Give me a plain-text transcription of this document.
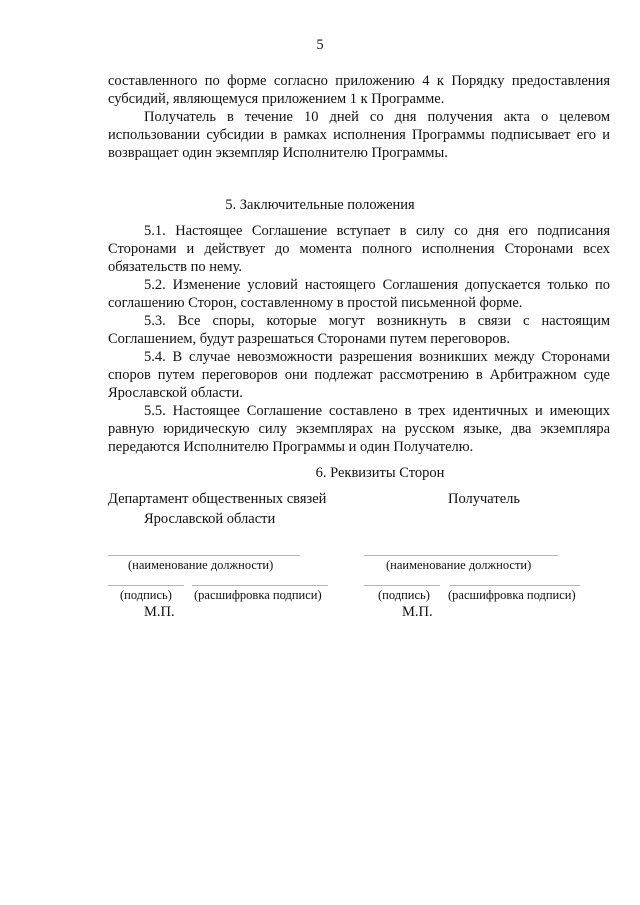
5

составленного по форме согласно приложению 4 к Порядку предоставления субсидий, являющемуся приложением 1 к Программе.

Получатель в течение 10 дней со дня получения акта о целевом использовании субсидии в рамках исполнения Программы подписывает его и возвращает один экземпляр Исполнителю Программы.

5. Заключительные положения

5.1. Настоящее Соглашение вступает в силу со дня его подписания Сторонами и действует до момента полного исполнения Сторонами всех обязательств по нему.

5.2. Изменение условий настоящего Соглашения допускается только по соглашению Сторон, составленному в простой письменной форме.

5.3. Все споры, которые могут возникнуть в связи с настоящим Соглашением, будут разрешаться Сторонами путем переговоров.

5.4. В случае невозможности разрешения возникших между Сторонами споров путем переговоров они подлежат рассмотрению в Арбитражном суде Ярославской области.

5.5. Настоящее Соглашение составлено в трех идентичных и имеющих равную юридическую силу экземплярах на русском языке, два экземпляра передаются Исполнителю Программы и один Получателю.

6. Реквизиты Сторон

Департамент общественных связей
Ярославской области
(наименование должности)
(подпись) (расшифровка подписи)
М.П.
Получатель
(наименование должности)
(подпись) (расшифровка подписи)
М.П.
